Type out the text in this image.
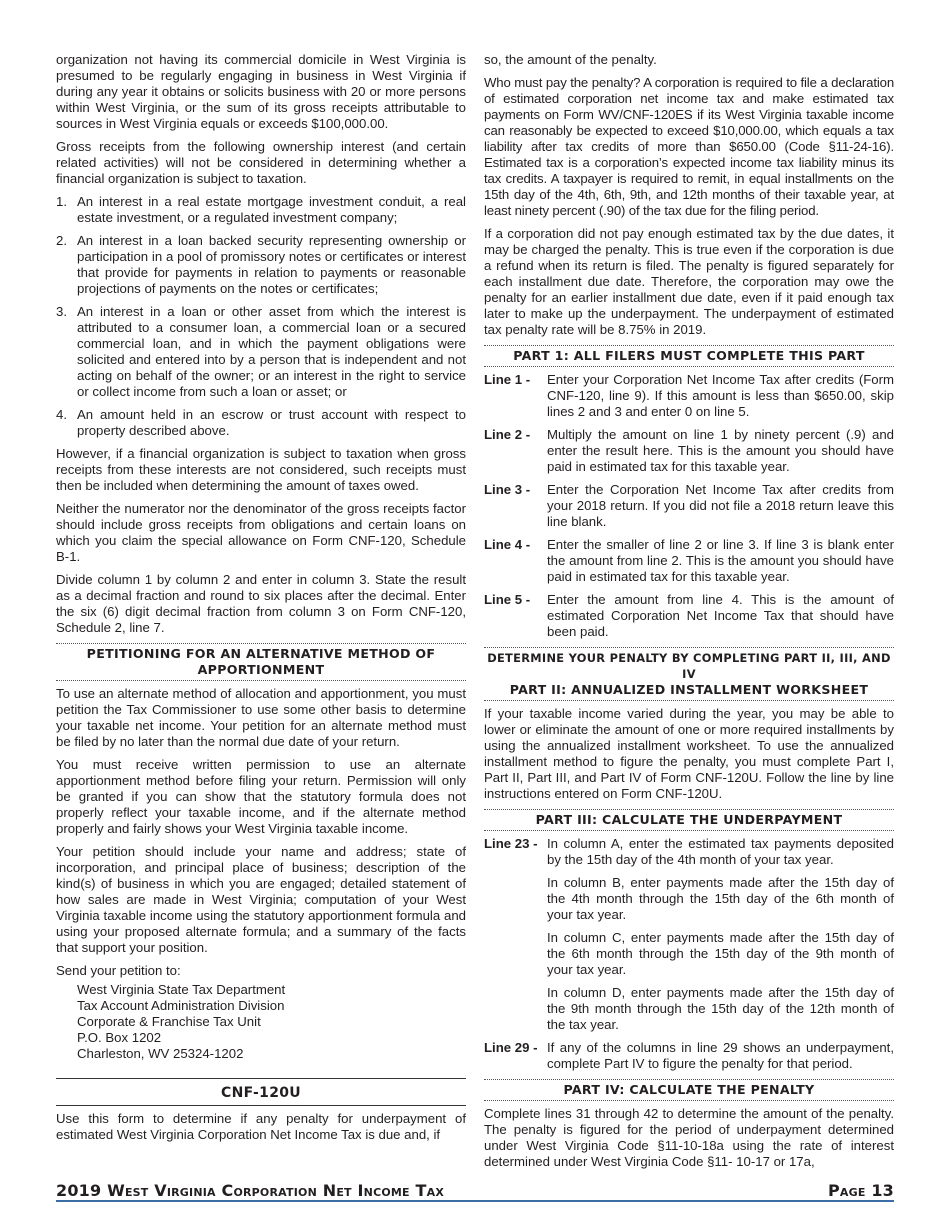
organization not having its commercial domicile in West Virginia is presumed to be regularly engaging in business in West Virginia if during any year it obtains or solicits business with 20 or more persons within West Virginia, or the sum of its gross receipts attributable to sources in West Virginia equals or exceeds $100,000.00.

Gross receipts from the following ownership interest (and certain related activities) will not be considered in determining whether a financial organization is subject to taxation.

1. An interest in a real estate mortgage investment conduit, a real estate investment, or a regulated investment company;
2. An interest in a loan backed security representing ownership or participation in a pool of promissory notes or certificates or interest that provide for payments in relation to payments or reasonable projections of payments on the notes or certificates;
3. An interest in a loan or other asset from which the interest is attributed to a consumer loan, a commercial loan or a secured commercial loan, and in which the payment obligations were solicited and entered into by a person that is independent and not acting on behalf of the owner; or an interest in the right to service or collect income from such a loan or asset; or
4. An amount held in an escrow or trust account with respect to property described above.

However, if a financial organization is subject to taxation when gross receipts from these interests are not considered, such receipts must then be included when determining the amount of taxes owed.

Neither the numerator nor the denominator of the gross receipts factor should include gross receipts from obligations and certain loans on which you claim the special allowance on Form CNF-120, Schedule B-1.

Divide column 1 by column 2 and enter in column 3. State the result as a decimal fraction and round to six places after the decimal. Enter the six (6) digit decimal fraction from column 3 on Form CNF-120, Schedule 2, line 7.

PETITIONING FOR AN ALTERNATIVE METHOD OF APPORTIONMENT

To use an alternate method of allocation and apportionment, you must petition the Tax Commissioner to use some other basis to determine your taxable net income. Your petition for an alternate method must be filed by no later than the normal due date of your return.

You must receive written permission to use an alternate apportionment method before filing your return. Permission will only be granted if you can show that the statutory formula does not properly reflect your taxable income, and if the alternate method properly and fairly shows your West Virginia taxable income.

Your petition should include your name and address; state of incorporation, and principal place of business; description of the kind(s) of business in which you are engaged; detailed statement of how sales are made in West Virginia; computation of your West Virginia taxable income using the statutory apportionment formula and using your proposed alternate formula; and a summary of the facts that support your position.

Send your petition to:

West Virginia State Tax Department
Tax Account Administration Division
Corporate & Franchise Tax Unit
P.O. Box 1202
Charleston, WV 25324-1202
CNF-120U

Use this form to determine if any penalty for underpayment of estimated West Virginia Corporation Net Income Tax is due and, if

so, the amount of the penalty.

Who must pay the penalty? A corporation is required to file a declaration of estimated corporation net income tax and make estimated tax payments on Form WV/CNF-120ES if its West Virginia taxable income can reasonably be expected to exceed $10,000.00, which equals a tax liability after tax credits of more than $650.00 (Code §11-24-16). Estimated tax is a corporation’s expected income tax liability minus its tax credits. A taxpayer is required to remit, in equal installments on the 15th day of the 4th, 6th, 9th, and 12th months of their taxable year, at least ninety percent (.90) of the tax due for the filing period.

If a corporation did not pay enough estimated tax by the due dates, it may be charged the penalty. This is true even if the corporation is due a refund when its return is filed. The penalty is figured separately for each installment due date. Therefore, the corporation may owe the penalty for an earlier installment due date, even if it paid enough tax later to make up the underpayment. The underpayment of estimated tax penalty rate will be 8.75% in 2019.

PART 1: ALL FILERS MUST COMPLETE THIS PART
Line 1 -	Enter your Corporation Net Income Tax after credits (Form CNF-120, line 9). If this amount is less than $650.00, skip lines 2 and 3 and enter 0 on line 5.
Line 2 -	Multiply the amount on line 1 by ninety percent (.9) and enter the result here. This is the amount you should have paid in estimated tax for this taxable year.
Line 3 -	Enter the Corporation Net Income Tax after credits from your 2018 return. If you did not file a 2018 return leave this line blank.
Line 4 -	Enter the smaller of line 2 or line 3. If line 3 is blank enter the amount from line 2. This is the amount you should have paid in estimated tax for this taxable year.
Line 5 -	Enter the amount from line 4. This is the amount of estimated Corporation Net Income Tax that should have been paid.
DETERMINE YOUR PENALTY BY COMPLETING PART II, III, AND IV
PART II: ANNUALIZED INSTALLMENT WORKSHEET

If your taxable income varied during the year, you may be able to lower or eliminate the amount of one or more required installments by using the annualized installment worksheet. To use the annualized installment method to figure the penalty, you must complete Part I, Part II, Part III, and Part IV of Form CNF-120U. Follow the line by line instructions entered on Form CNF-120U.

PART III: CALCULATE THE UNDERPAYMENT
Line 23 - In column A, enter the estimated tax payments deposited by the 15th day of the 4th month of your tax year.

In column B, enter payments made after the 15th day of the 4th month through the 15th day of the 6th month of your tax year.

In column C, enter payments made after the 15th day of the 6th month through the 15th day of the 9th month of your tax year.

In column D, enter payments made after the 15th day of the 9th month through the 15th day of the 12th month of the tax year.

Line 29 - If any of the columns in line 29 shows an underpayment, complete Part IV to figure the penalty for that period.
PART IV: CALCULATE THE PENALTY

Complete lines 31 through 42 to determine the amount of the penalty. The penalty is figured for the period of underpayment determined under West Virginia Code §11-10-18a using the rate of interest determined under West Virginia Code §11- 10-17 or 17a,

2019 West Virginia Corporation Net Income Tax	Page 13
